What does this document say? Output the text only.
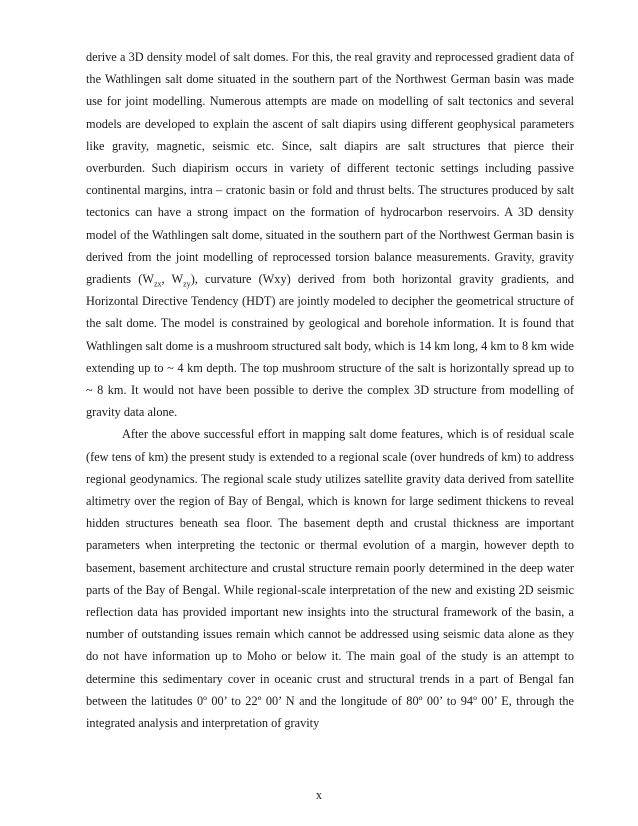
derive a 3D density model of salt domes. For this, the real gravity and reprocessed gradient data of the Wathlingen salt dome situated in the southern part of the Northwest German basin was made use for joint modelling. Numerous attempts are made on modelling of salt tectonics and several models are developed to explain the ascent of salt diapirs using different geophysical parameters like gravity, magnetic, seismic etc. Since, salt diapirs are salt structures that pierce their overburden. Such diapirism occurs in variety of different tectonic settings including passive continental margins, intra – cratonic basin or fold and thrust belts. The structures produced by salt tectonics can have a strong impact on the formation of hydrocarbon reservoirs. A 3D density model of the Wathlingen salt dome, situated in the southern part of the Northwest German basin is derived from the joint modelling of reprocessed torsion balance measurements. Gravity, gravity gradients ($W_{zx}$, $W_{zy}$), curvature (Wxy) derived from both horizontal gravity gradients, and Horizontal Directive Tendency (HDT) are jointly modeled to decipher the geometrical structure of the salt dome. The model is constrained by geological and borehole information. It is found that Wathlingen salt dome is a mushroom structured salt body, which is 14 km long, 4 km to 8 km wide extending up to ~ 4 km depth. The top mushroom structure of the salt is horizontally spread up to ~ 8 km. It would not have been possible to derive the complex 3D structure from modelling of gravity data alone.

After the above successful effort in mapping salt dome features, which is of residual scale (few tens of km) the present study is extended to a regional scale (over hundreds of km) to address regional geodynamics. The regional scale study utilizes satellite gravity data derived from satellite altimetry over the region of Bay of Bengal, which is known for large sediment thickens to reveal hidden structures beneath sea floor. The basement depth and crustal thickness are important parameters when interpreting the tectonic or thermal evolution of a margin, however depth to basement, basement architecture and crustal structure remain poorly determined in the deep water parts of the Bay of Bengal. While regional-scale interpretation of the new and existing 2D seismic reflection data has provided important new insights into the structural framework of the basin, a number of outstanding issues remain which cannot be addressed using seismic data alone as they do not have information up to Moho or below it. The main goal of the study is an attempt to determine this sedimentary cover in oceanic crust and structural trends in a part of Bengal fan between the latitudes 0º 00’ to 22º 00’ N and the longitude of 80º 00’ to 94º 00’ E, through the integrated analysis and interpretation of gravity

x
